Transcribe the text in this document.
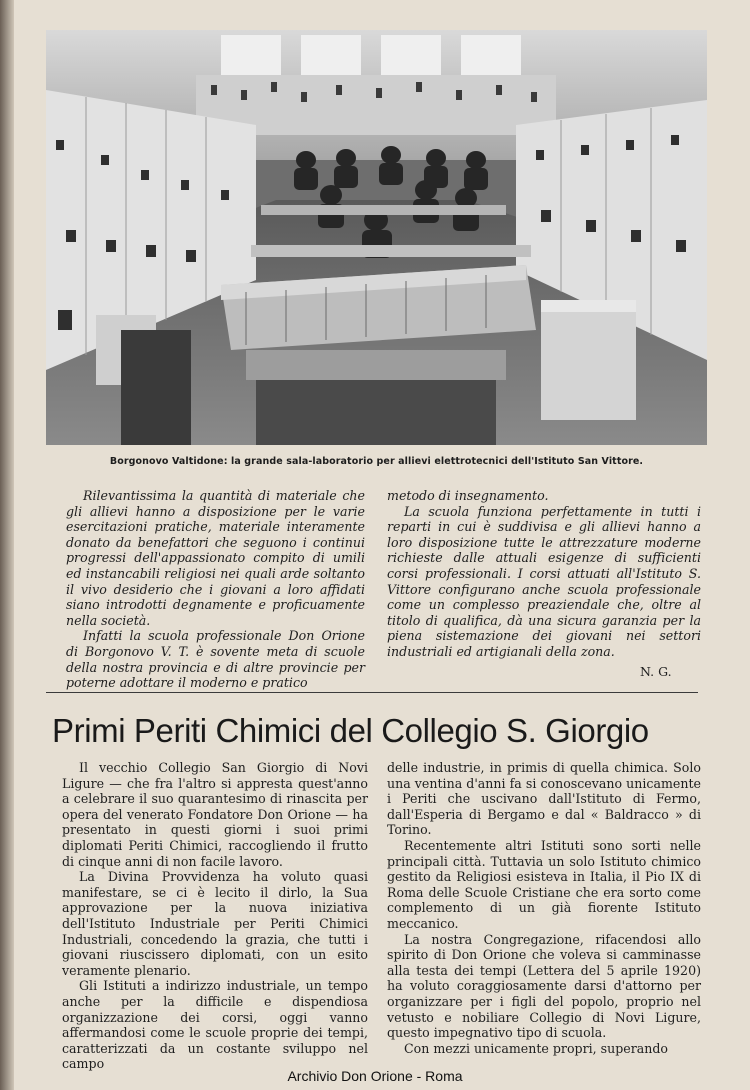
Borgonovo Valtidone: la grande sala-laboratorio per allievi elettrotecnici dell'Istituto San Vittore.

Rilevantissima la quantità di materiale che gli allievi hanno a disposizione per le varie esercitazioni pratiche, materiale interamente donato da benefattori che seguono i continui progressi dell'appassionato compito di umili ed instancabili religiosi nei quali arde soltanto il vivo desiderio che i giovani a loro affidati siano introdotti degnamente e proficuamente nella società.

Infatti la scuola professionale Don Orione di Borgonovo V. T. è sovente meta di scuole della nostra provincia e di altre provincie per poterne adottare il moderno e pratico

metodo di insegnamento.

La scuola funziona perfettamente in tutti i reparti in cui è suddivisa e gli allievi hanno a loro disposizione tutte le attrezzature moderne richieste dalle attuali esigenze di sufficienti corsi professionali. I corsi attuati all'Istituto S. Vittore configurano anche scuola professionale come un complesso preaziendale che, oltre al titolo di qualifica, dà una sicura garanzia per la piena sistemazione dei giovani nei settori industriali ed artigianali della zona.

N. G.
Primi Periti Chimici del Collegio S. Giorgio

Il vecchio Collegio San Giorgio di Novi Ligure — che fra l'altro si appresta quest'anno a celebrare il suo quarantesimo di rinascita per opera del venerato Fondatore Don Orione — ha presentato in questi giorni i suoi primi diplomati Periti Chimici, raccogliendo il frutto di cinque anni di non facile lavoro.

La Divina Provvidenza ha voluto quasi manifestare, se ci è lecito il dirlo, la Sua approvazione per la nuova iniziativa dell'Istituto Industriale per Periti Chimici Industriali, concedendo la grazia, che tutti i giovani riuscissero diplomati, con un esito veramente plenario.

Gli Istituti a indirizzo industriale, un tempo anche per la difficile e dispendiosa organizzazione dei corsi, oggi vanno affermandosi come le scuole proprie dei tempi, caratterizzati da un costante sviluppo nel campo

delle industrie, in primis di quella chimica. Solo una ventina d'anni fa si conoscevano unicamente i Periti che uscivano dall'Istituto di Fermo, dall'Esperia di Bergamo e dal « Baldracco » di Torino.

Recentemente altri Istituti sono sorti nelle principali città. Tuttavia un solo Istituto chimico gestito da Religiosi esisteva in Italia, il Pio IX di Roma delle Scuole Cristiane che era sorto come complemento di un già fiorente Istituto meccanico.

La nostra Congregazione, rifacendosi allo spirito di Don Orione che voleva si camminasse alla testa dei tempi (Lettera del 5 aprile 1920) ha voluto coraggiosamente darsi d'attorno per organizzare per i figli del popolo, proprio nel vetusto e nobiliare Collegio di Novi Ligure, questo impegnativo tipo di scuola.

Con mezzi unicamente propri, superando

Archivio Don Orione - Roma
